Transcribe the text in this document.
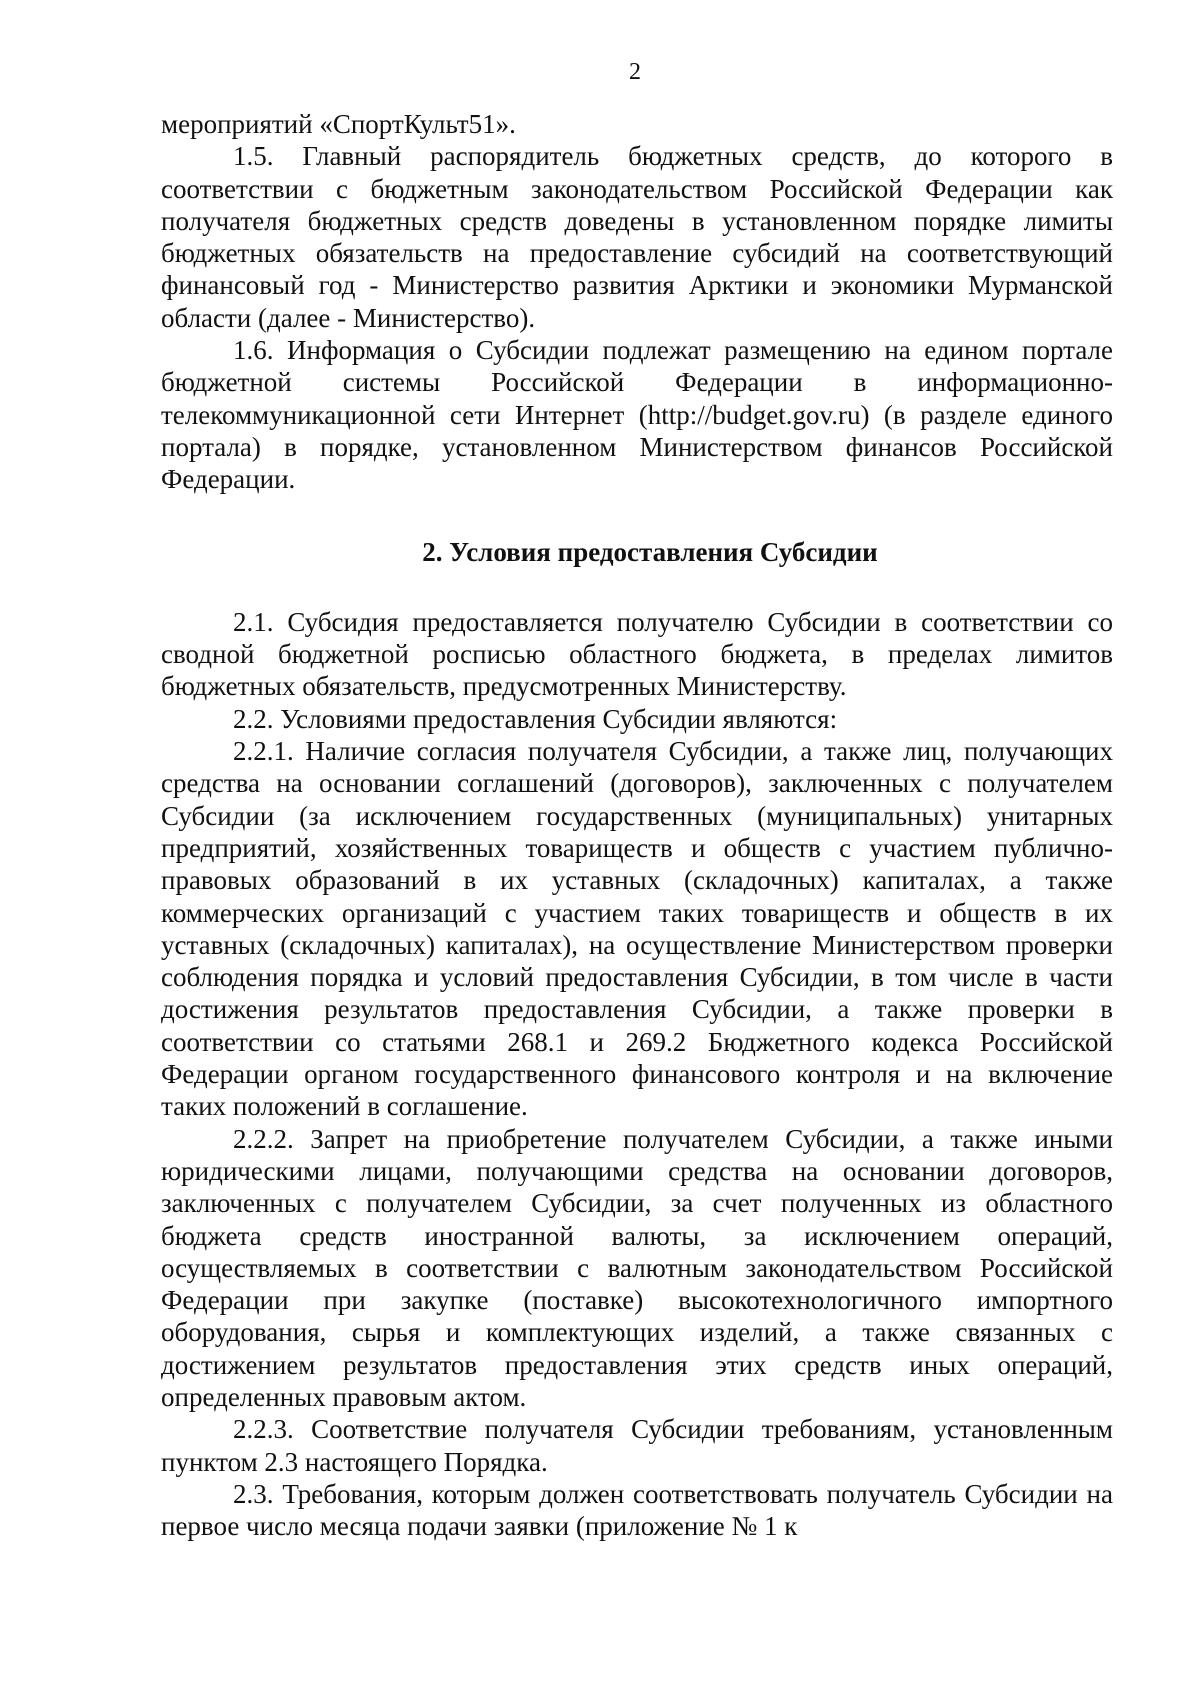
2

мероприятий «СпортКульт51».

1.5. Главный распорядитель бюджетных средств, до которого в соответствии с бюджетным законодательством Российской Федерации как получателя бюджетных средств доведены в установленном порядке лимиты бюджетных обязательств на предоставление субсидий на соответствующий финансовый год - Министерство развития Арктики и экономики Мурманской области (далее - Министерство).

1.6. Информация о Субсидии подлежат размещению на едином портале бюджетной системы Российской Федерации в информационно-телекоммуникационной сети Интернет (http://budget.gov.ru) (в разделе единого портала) в порядке, установленном Министерством финансов Российской Федерации.

2. Условия предоставления Субсидии

2.1. Субсидия предоставляется получателю Субсидии в соответствии со сводной бюджетной росписью областного бюджета, в пределах лимитов бюджетных обязательств, предусмотренных Министерству.

2.2. Условиями предоставления Субсидии являются:

2.2.1. Наличие согласия получателя Субсидии, а также лиц, получающих средства на основании соглашений (договоров), заключенных с получателем Субсидии (за исключением государственных (муниципальных) унитарных предприятий, хозяйственных товариществ и обществ с участием публично-правовых образований в их уставных (складочных) капиталах, а также коммерческих организаций с участием таких товариществ и обществ в их уставных (складочных) капиталах), на осуществление Министерством проверки соблюдения порядка и условий предоставления Субсидии, в том числе в части достижения результатов предоставления Субсидии, а также проверки в соответствии со статьями 268.1 и 269.2 Бюджетного кодекса Российской Федерации органом государственного финансового контроля и на включение таких положений в соглашение.

2.2.2. Запрет на приобретение получателем Субсидии, а также иными юридическими лицами, получающими средства на основании договоров, заключенных с получателем Субсидии, за счет полученных из областного бюджета средств иностранной валюты, за исключением операций, осуществляемых в соответствии с валютным законодательством Российской Федерации при закупке (поставке) высокотехнологичного импортного оборудования, сырья и комплектующих изделий, а также связанных с достижением результатов предоставления этих средств иных операций, определенных правовым актом.

2.2.3. Соответствие получателя Субсидии требованиям, установленным пунктом 2.3 настоящего Порядка.

2.3. Требования, которым должен соответствовать получатель Субсидии на первое число месяца подачи заявки (приложение № 1 к
